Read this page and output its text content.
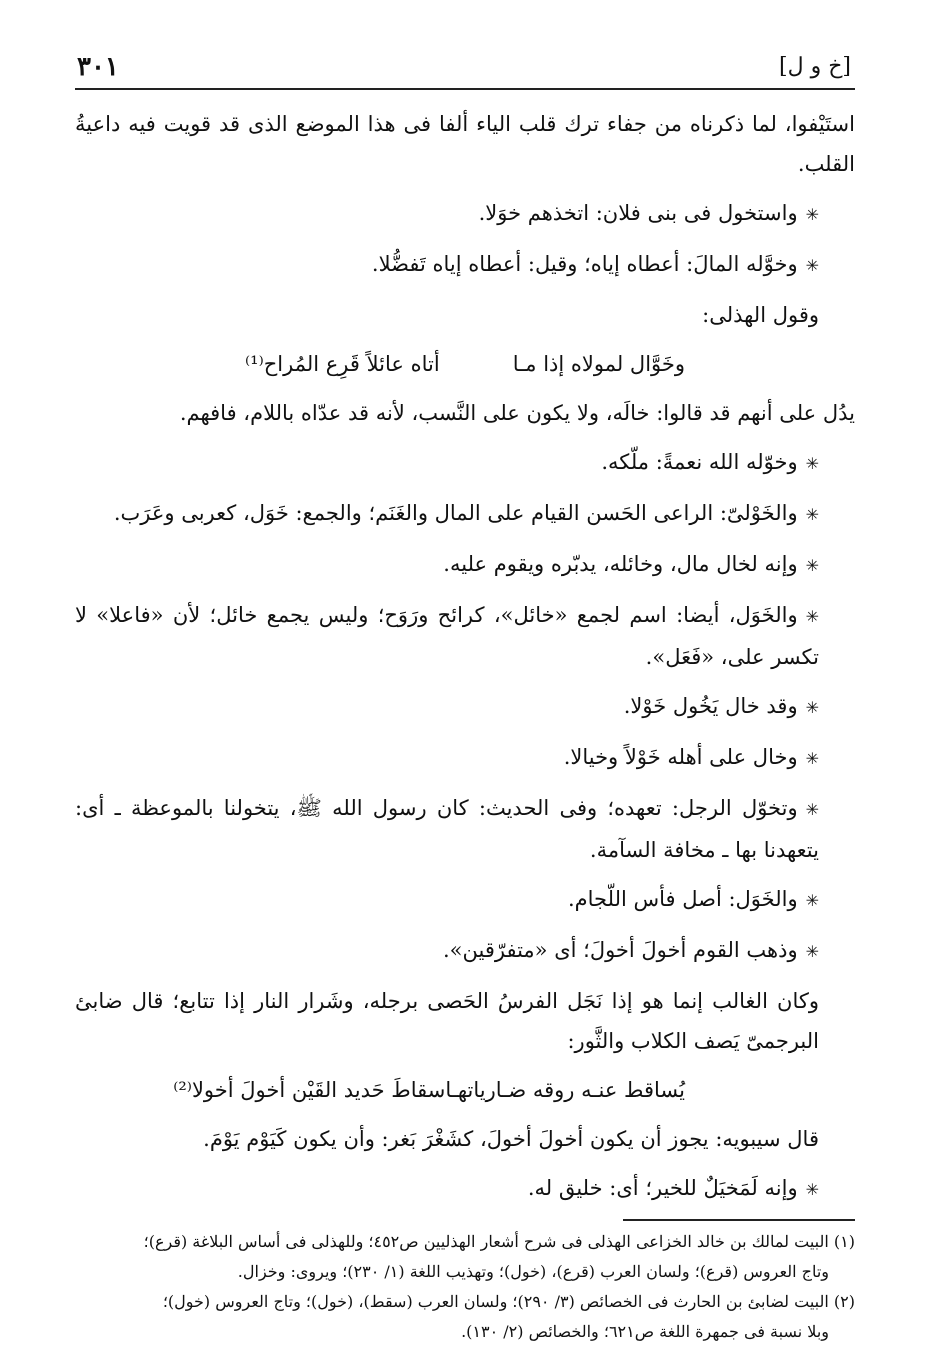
[خ و ل]
٣٠١

استَيْفوا، لما ذكرناه من جفاء ترك قلب الياء ألفا فى هذا الموضع الذى قد قويت فيه داعيةُ القلب.

✳ واستخول فى بنى فلان: اتخذهم خوَلا.

✳ وخوَّله المالَ: أعطاه إياه؛ وقيل: أعطاه إياه تَفضُّلا.

وقول الهذلى:

وخَوَّال لمولاه إذا مـا
أتاه عائلاً قَرِع المُراح⁽¹⁾

يدُل على أنهم قد قالوا: خالَه، ولا يكون على النَّسب، لأنه قد عدّاه باللام، فافهم.

✳ وخوّله الله نعمةً: ملّكه.

✳ والخَوْلىّ: الراعى الحَسن القيام على المال والغَنَم؛ والجمع: خَوَل، كعربى وعَرَب.

✳ وإنه لخال مال، وخائله، يدبّره ويقوم عليه.

✳ والخَوَل، أيضا: اسم لجمع «خائل»، كرائح ورَوَح؛ وليس يجمع خائل؛ لأن «فاعلا» لا تكسر على، «فَعَل».

✳ وقد خال يَخُول خَوْلا.

✳ وخال على أهله خَوْلاً وخيالا.

✳ وتخوّل الرجل: تعهده؛ وفى الحديث: كان رسول الله ﷺ، يتخولنا بالموعظة ـ أى: يتعهدنا بها ـ مخافة السآمة.

✳ والخَوَل: أصل فأس اللّجام.

✳ وذهب القوم أخولَ أخولَ؛ أى «متفرّقين».

وكان الغالب إنما هو إذا نَجَل الفرسُ الحَصى برجله، وشَرار النار إذا تتابع؛ قال ضابئ البرجمىّ يَصف الكلاب والثَّور:

يُساقط عنـه روقه ضـارياتهـا
سقاطَ حَديد القَيْن أخولَ أخولا⁽²⁾

قال سيبويه: يجوز أن يكون أخولَ أخولَ، كشَغْرَ بَغر: وأن يكون كَيَوْم يَوْمَ.

✳ وإنه لَمَخيَلٌ للخير؛ أى: خليق له.

(١) البيت لمالك بن خالد الخزاعى الهذلى فى شرح أشعار الهذليين ص٤٥٢؛ وللهذلى فى أساس البلاغة (قرع)؛

وتاج العروس (قرع)؛ ولسان العرب (قرع)، (خول)؛ وتهذيب اللغة (١/ ٢٣٠)؛ ويروى: وخزال.

(٢) البيت لضابئ بن الحارث فى الخصائص (٣/ ٢٩٠)؛ ولسان العرب (سقط)، (خول)؛ وتاج العروس (خول)؛

وبلا نسبة فى جمهرة اللغة ص٦٢١؛ والخصائص (٢/ ١٣٠).
